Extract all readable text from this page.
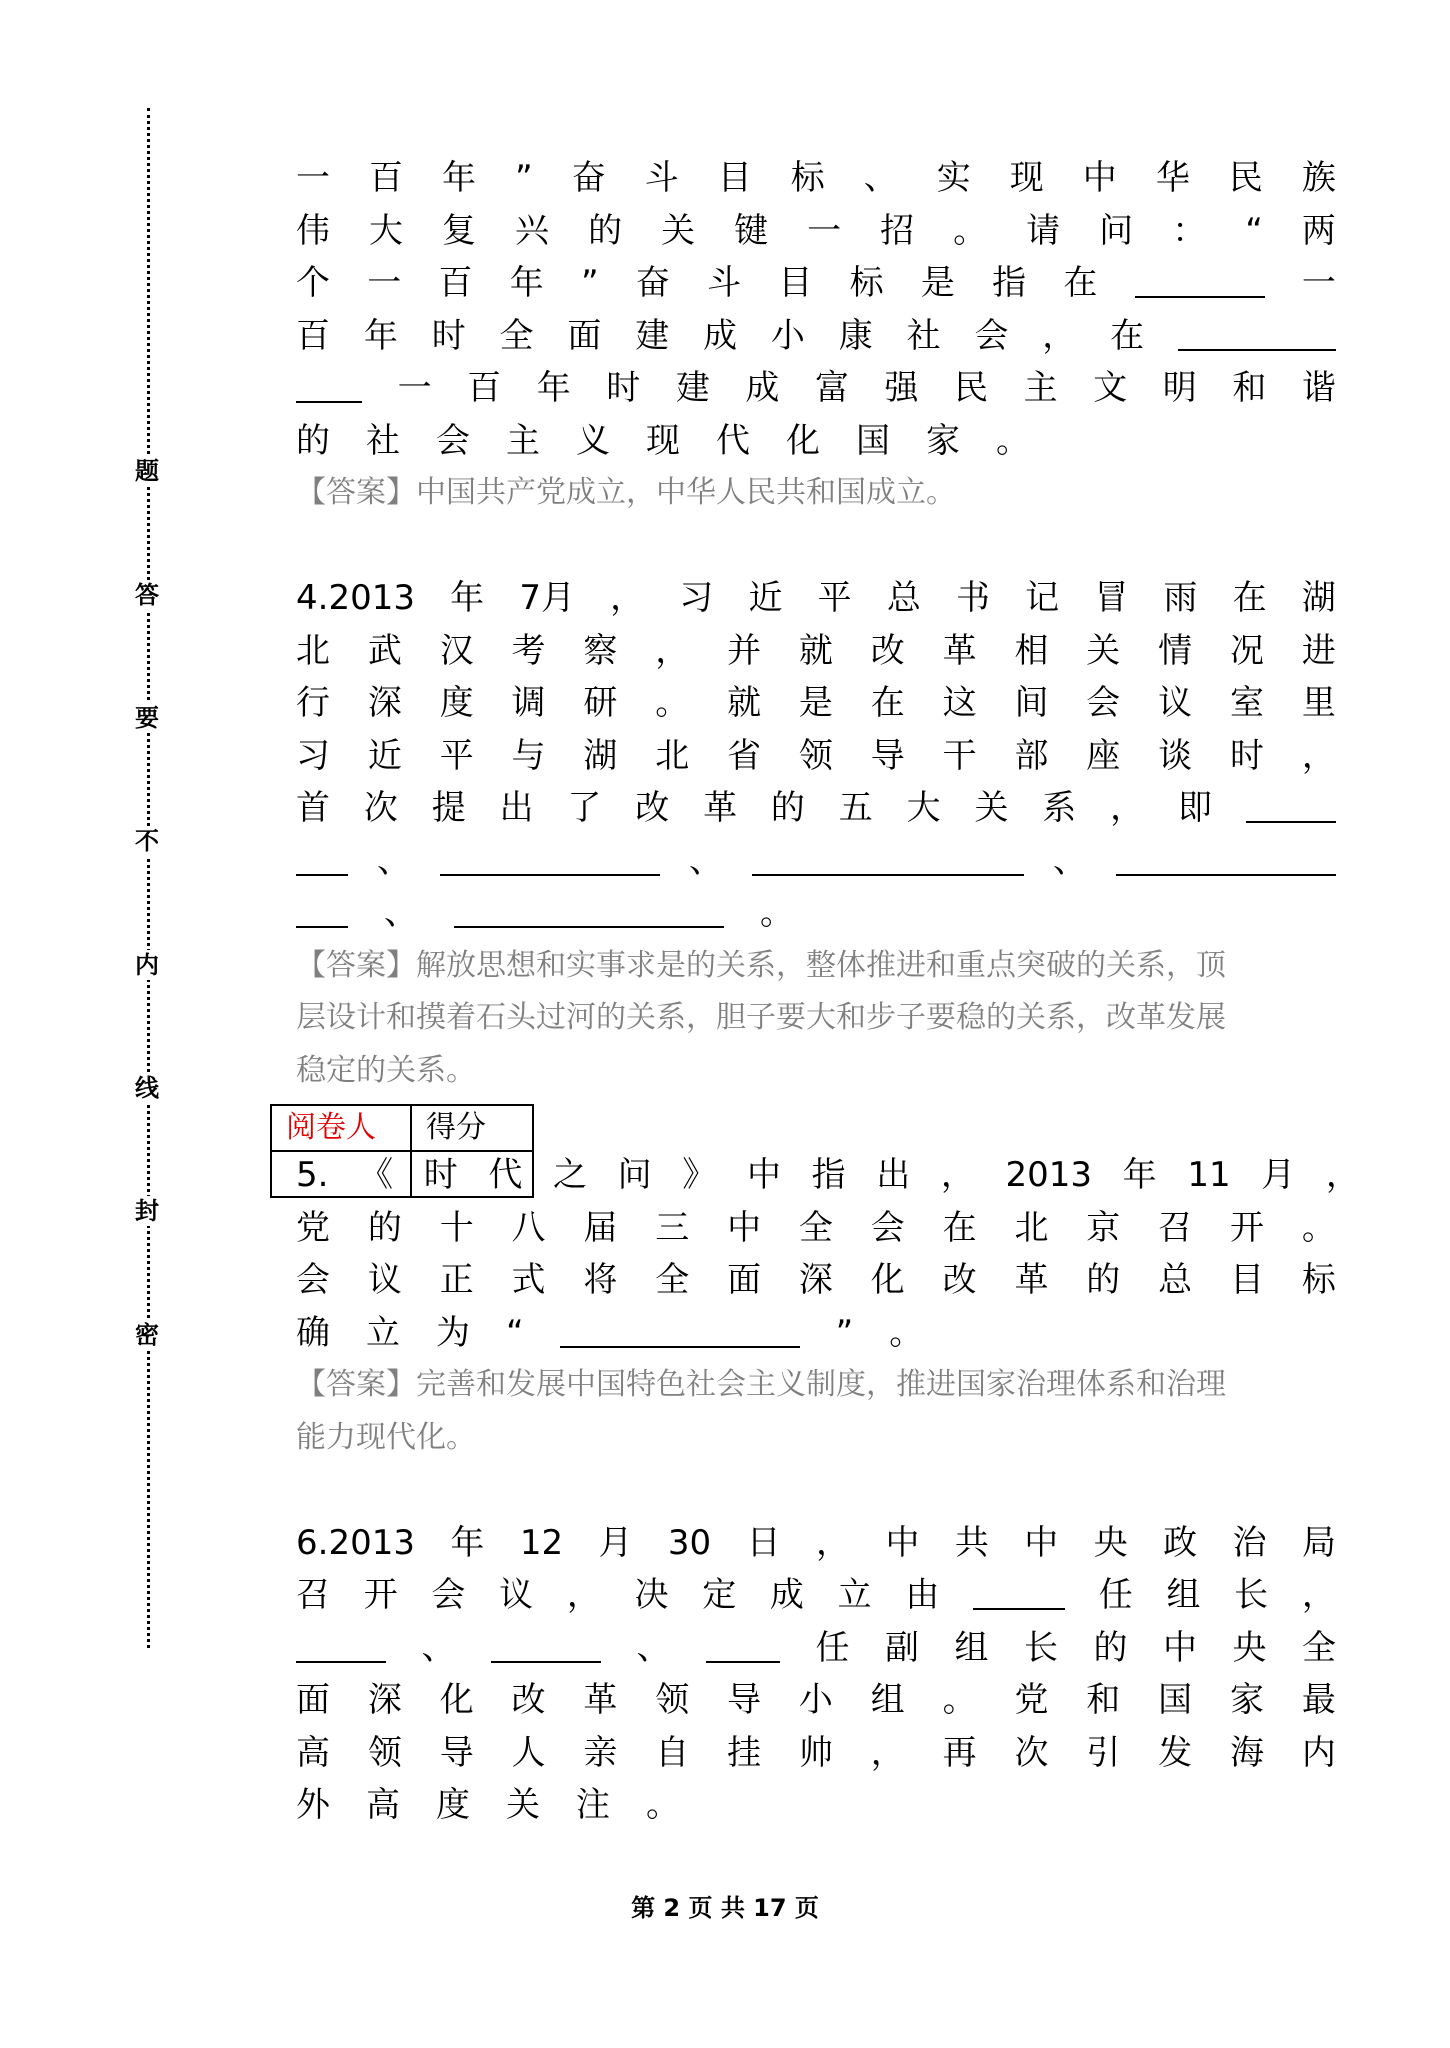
题
答
要
不
内
线
封
密
一 百 年 ” 奋 斗 目 标 、 实 现 中 华 民 族
伟 大 复 兴 的 关 键 一 招 。 请 问 ： “ 两
个 一 百 年 ” 奋 斗 目 标 是 指 在	一
百 年 时 全 面 建 成 小 康 社 会 ， 在
一 百 年 时 建 成 富 强 民 主 文 明 和 谐
的 社 会 主 义 现 代 化 国 家 。

【答案】中国共产党成立，中华人民共和国成立。

4.2013 年 7月 ， 习 近 平 总 书 记 冒 雨 在 湖
北 武 汉 考 察 ， 并 就 改 革 相 关 情 况 进
行 深 度 调 研 。 就 是 在 这 间 会 议 室 里
习 近 平 与 湖 北 省 领 导 干 部 座 谈 时 ，
首 次 提 出 了 改 革 的 五 大 关 系 ， 即
、	、	、
、	。

【答案】解放思想和实事求是的关系，整体推进和重点突破的关系，顶

层设计和摸着石头过河的关系，胆子要大和步子要稳的关系，改革发展

稳定的关系。

5. 《 时 代 之 问 》 中 指 出 ， 2013 年 11 月 ，
党 的 十 八 届 三 中 全 会 在 北 京 召 开 。
会 议 正 式 将 全 面 深 化 改 革 的 总 目 标
确 立 为 “	” 。

【答案】完善和发展中国特色社会主义制度，推进国家治理体系和治理

能力现代化。

6.2013 年 12 月 30 日 ， 中 共 中 央 政 治 局
召 开 会 议 ， 决 定 成 立 由	任 组 长 ，
、	、	任 副 组 长 的 中 央 全
面 深 化 改 革 领 导 小 组 。 党 和 国 家 最
高 领 导 人 亲 自 挂 帅 ， 再 次 引 发 海 内
外 高 度 关 注 。
阅卷人	得分

第 2 页 共 17 页
